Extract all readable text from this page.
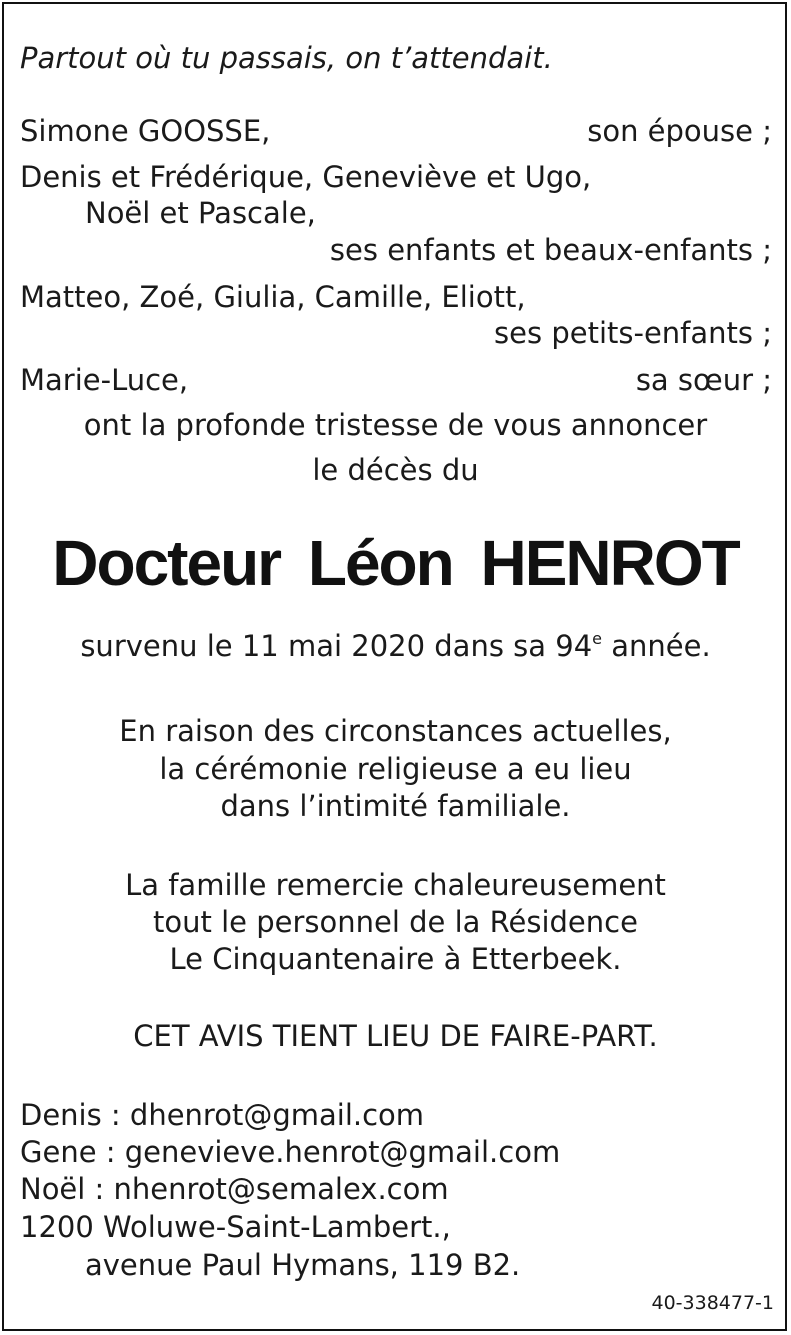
Partout où tu passais, on t’attendait.
Simone GOOSSE,	son épouse ;
Denis et Frédérique, Geneviève et Ugo,
Noël et Pascale,
ses enfants et beaux-enfants ;
Matteo, Zoé, Giulia, Camille, Eliott,
ses petits-enfants ;
Marie-Luce,	sa sœur ;
ont la profonde tristesse de vous annoncer
le décès du
Docteur Léon HENROT
survenu le 11 mai 2020 dans sa 94e année.
En raison des circonstances actuelles,
la cérémonie religieuse a eu lieu
dans l’intimité familiale.
La famille remercie chaleureusement
tout le personnel de la Résidence
Le Cinquantenaire à Etterbeek.
CET AVIS TIENT LIEU DE FAIRE-PART.
Denis : dhenrot@gmail.com
Gene : genevieve.henrot@gmail.com
Noël : nhenrot@semalex.com
1200 Woluwe-Saint-Lambert.,
avenue Paul Hymans, 119 B2.
40-338477-1
